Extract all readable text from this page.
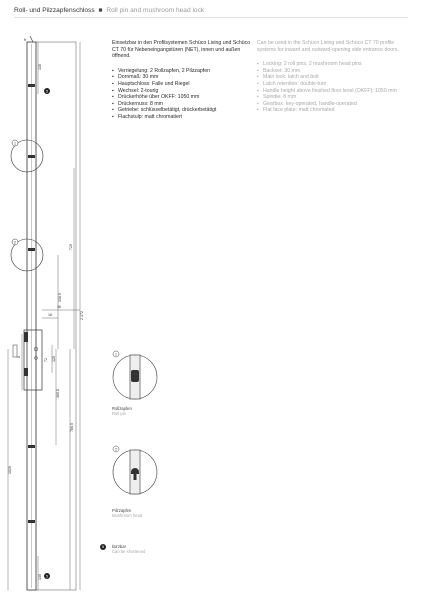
Roll- und Pilzzapfenschloss ■ Roll pin and mushroom head lock
fr
1
2
130
720
2 172
336.5
36
16
8
72 120
360.8
780.5
1020
130
5
5
1
2

Einsetzbar in den Profilsystemen Schüco Living und Schüco CT 70 für Nebeneingangstüren (NET), innen und außen öffnend.

▪ Verriegelung: 2 Rollzapfen, 2 Pilzzapfen
▪ Dornmaß: 30 mm
▪ Hauptschloss: Falle und Riegel
▪ Wechsel: 2-tourig
▪ Drückerhöhe über OKFF: 1050 mm
▪ Drückernuss: 8 mm
▪ Getriebe: schlüsselbetätigt, drückerbetätigt
▪ Flachstulp: matt chromatiert

Can be used in the Schüco Living and Schüco CT 70 profile systems for inward and outward-opening side entrance doors.

▪ Locking: 2 roll pins, 2 mushroom head pins
▪ Backset: 30 mm
▪ Main lock: latch and bolt
▪ Latch retention: double-turn
▪ Handle height above finished floor level (OKFF): 1050 mm
▪ Spindle: 8 mm
▪ Gearbox: key-operated, handle-operated
▪ Flat face plate: matt chromated
Rollzapfen
Roll pin
Pilzzapfen
Mushroom head
5	kürzbar
Can be shortened
